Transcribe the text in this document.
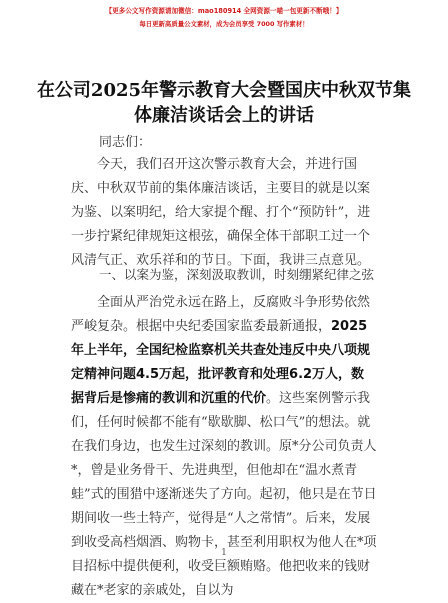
【更多公文写作资源请加微信：mao180914 全网资源一喵一包更新不断哦！】
每日更新高质量公文素材，成为会员享受 7000 写作素材！
在公司2025年警示教育大会暨国庆中秋双节集
体廉洁谈话会上的讲话
同志们：

今天，我们召开这次警示教育大会，并进行国庆、中秋双节前的集体廉洁谈话，主要目的就是以案为鉴、以案明纪，给大家提个醒、打个“预防针”，进一步拧紧纪律规矩这根弦，确保全体干部职工过一个风清气正、欢乐祥和的节日。下面，我讲三点意见。

一、以案为鉴，深刻汲取教训，时刻绷紧纪律之弦

全面从严治党永远在路上，反腐败斗争形势依然严峻复杂。根据中央纪委国家监委最新通报，2025年上半年，全国纪检监察机关共查处违反中央八项规定精神问题4.5万起，批评教育和处理6.2万人，数据背后是惨痛的教训和沉重的代价。这些案例警示我们，任何时候都不能有“歇歇脚、松口气”的想法。就在我们身边，也发生过深刻的教训。原*分公司负责人*，曾是业务骨干、先进典型，但他却在“温水煮青蛙”式的围猎中逐渐迷失了方向。起初，他只是在节日期间收一些土特产，觉得是“人之常情”。后来，发展到收受高档烟酒、购物卡，甚至利用职权为他人在*项目招标中提供便利，收受巨额贿赂。他把收来的钱财藏在*老家的亲戚处，自以为

1
